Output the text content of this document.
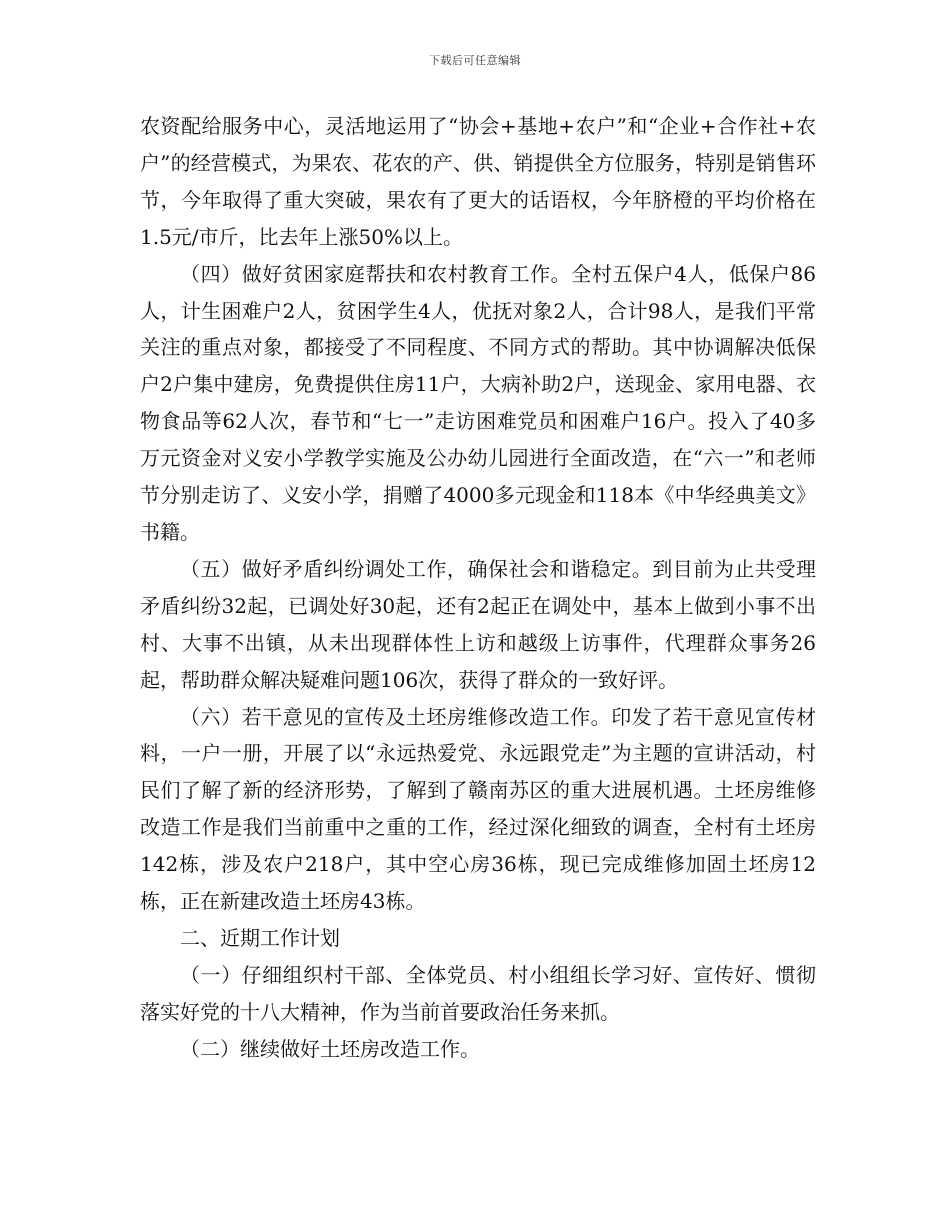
下载后可任意编辑

农资配给服务中心，灵活地运用了“协会+基地+农户”和“企业+合作社+农户”的经营模式，为果农、花农的产、供、销提供全方位服务，特别是销售环节，今年取得了重大突破，果农有了更大的话语权，今年脐橙的平均价格在1.5元/市斤，比去年上涨50%以上。

（四）做好贫困家庭帮扶和农村教育工作。全村五保户4人，低保户86人，计生困难户2人，贫困学生4人，优抚对象2人，合计98人，是我们平常关注的重点对象，都接受了不同程度、不同方式的帮助。其中协调解决低保户2户集中建房，免费提供住房11户，大病补助2户，送现金、家用电器、衣物食品等62人次，春节和“七一”走访困难党员和困难户16户。投入了40多万元资金对义安小学教学实施及公办幼儿园进行全面改造，在“六一”和老师节分别走访了、义安小学，捐赠了4000多元现金和118本《中华经典美文》书籍。

（五）做好矛盾纠纷调处工作，确保社会和谐稳定。到目前为止共受理矛盾纠纷32起，已调处好30起，还有2起正在调处中，基本上做到小事不出村、大事不出镇，从未出现群体性上访和越级上访事件，代理群众事务26起，帮助群众解决疑难问题106次，获得了群众的一致好评。

（六）若干意见的宣传及土坯房维修改造工作。印发了若干意见宣传材料，一户一册，开展了以“永远热爱党、永远跟党走”为主题的宣讲活动，村民们了解了新的经济形势，了解到了赣南苏区的重大进展机遇。土坯房维修改造工作是我们当前重中之重的工作，经过深化细致的调查，全村有土坯房142栋，涉及农户218户，其中空心房36栋，现已完成维修加固土坯房12栋，正在新建改造土坯房43栋。

二、近期工作计划

（一）仔细组织村干部、全体党员、村小组组长学习好、宣传好、惯彻落实好党的十八大精神，作为当前首要政治任务来抓。

（二）继续做好土坯房改造工作。
